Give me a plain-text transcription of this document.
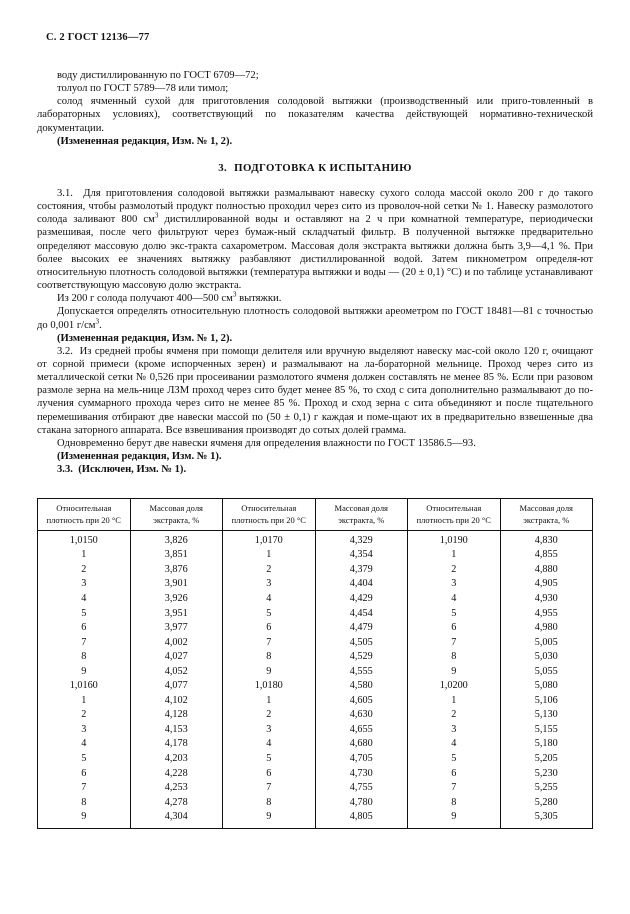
С. 2 ГОСТ 12136—77

воду дистиллированную по ГОСТ 6709—72;

толуол по ГОСТ 5789—78 или тимол;

солод ячменный сухой для приготовления солодовой вытяжки (производственный или приго-товленный в лабораторных условиях), соответствующий по показателям качества действующей нормативно-технической документации.

(Измененная редакция, Изм. № 1, 2).

3. ПОДГОТОВКА К ИСПЫТАНИЮ

3.1. Для приготовления солодовой вытяжки размалывают навеску сухого солода массой около 200 г до такого состояния, чтобы размолотый продукт полностью проходил через сито из проволоч-ной сетки № 1. Навеску размолотого солода заливают 800 $см^3$ дистиллированной воды и оставляют на 2 ч при комнатной температуре, периодически размешивая, после чего фильтруют через бумаж-ный складчатый фильтр. В полученной вытяжке предварительно определяют массовую долю экс-тракта сахарометром. Массовая доля экстракта вытяжки должна быть 3,9—4,1 %. При более высоких ее значениях вытяжку разбавляют дистиллированной водой. Затем пикнометром определя-ют относительную плотность солодовой вытяжки (температура вытяжки и воды — (20 ± 0,1) °С) и по таблице устанавливают соответствующую массовую долю экстракта.

Из 200 г солода получают 400—500 $см^3$ вытяжки.

Допускается определять относительную плотность солодовой вытяжки ареометром по ГОСТ 18481—81 с точностью до 0,001 $г/см^3$.

(Измененная редакция, Изм. № 1, 2).

3.2. Из средней пробы ячменя при помощи делителя или вручную выделяют навеску мас-сой около 120 г, очищают от сорной примеси (кроме испорченных зерен) и размалывают на ла-бораторной мельнице. Проход через сито из металлической сетки № 0,526 при просеивании размолотого ячменя должен составлять не менее 85 %. Если при разовом размоле зерна на мель-нице ЛЗМ проход через сито будет менее 85 %, то сход с сита дополнительно размалывают до по-лучения суммарного прохода через сито не менее 85 %. Проход и сход зерна с сита объединяют и после тщательного перемешивания отбирают две навески массой по (50 ± 0,1) г каждая и поме-щают их в предварительно взвешенные два стакана заторного аппарата. Все взвешивания производят до сотых долей грамма.

Одновременно берут две навески ячменя для определения влажности по ГОСТ 13586.5—93.

(Измененная редакция, Изм. № 1).

3.3. (Исключен, Изм. № 1).

Относительная плотность при 20 °С	Массовая доля экстракта, %	Относительная плотность при 20 °С	Массовая доля экстракта, %	Относительная плотность при 20 °С	Массовая доля экстракта, %
1,0150	3,826	1,0170	4,329	1,0190	4,830
1	3,851	1	4,354	1	4,855
2	3,876	2	4,379	2	4,880
3	3,901	3	4,404	3	4,905
4	3,926	4	4,429	4	4,930
5	3,951	5	4,454	5	4,955
6	3,977	6	4,479	6	4,980
7	4,002	7	4,505	7	5,005
8	4,027	8	4,529	8	5,030
9	4,052	9	4,555	9	5,055
1,0160	4,077	1,0180	4,580	1,0200	5,080
1	4,102	1	4,605	1	5,106
2	4,128	2	4,630	2	5,130
3	4,153	3	4,655	3	5,155
4	4,178	4	4,680	4	5,180
5	4,203	5	4,705	5	5,205
6	4,228	6	4,730	6	5,230
7	4,253	7	4,755	7	5,255
8	4,278	8	4,780	8	5,280
9	4,304	9	4,805	9	5,305
